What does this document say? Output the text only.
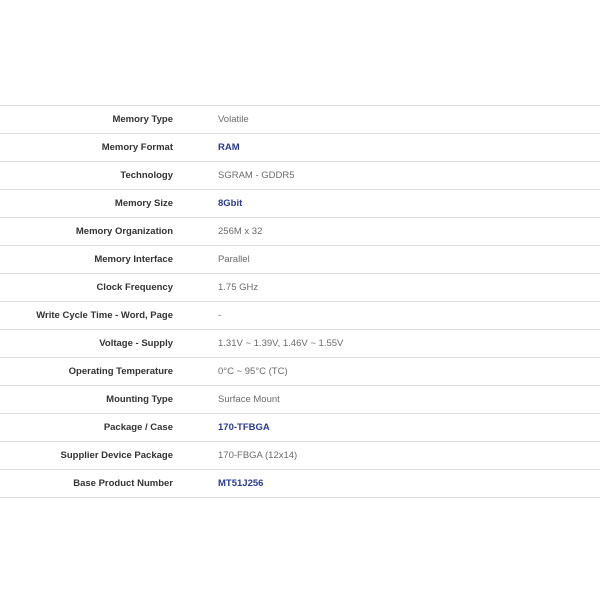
Memory Type	Volatile
Memory Format	RAM
Technology	SGRAM - GDDR5
Memory Size	8Gbit
Memory Organization	256M x 32
Memory Interface	Parallel
Clock Frequency	1.75 GHz
Write Cycle Time - Word, Page	-
Voltage - Supply	1.31V ~ 1.39V, 1.46V ~ 1.55V
Operating Temperature	0°C ~ 95°C (TC)
Mounting Type	Surface Mount
Package / Case	170-TFBGA
Supplier Device Package	170-FBGA (12x14)
Base Product Number	MT51J256
